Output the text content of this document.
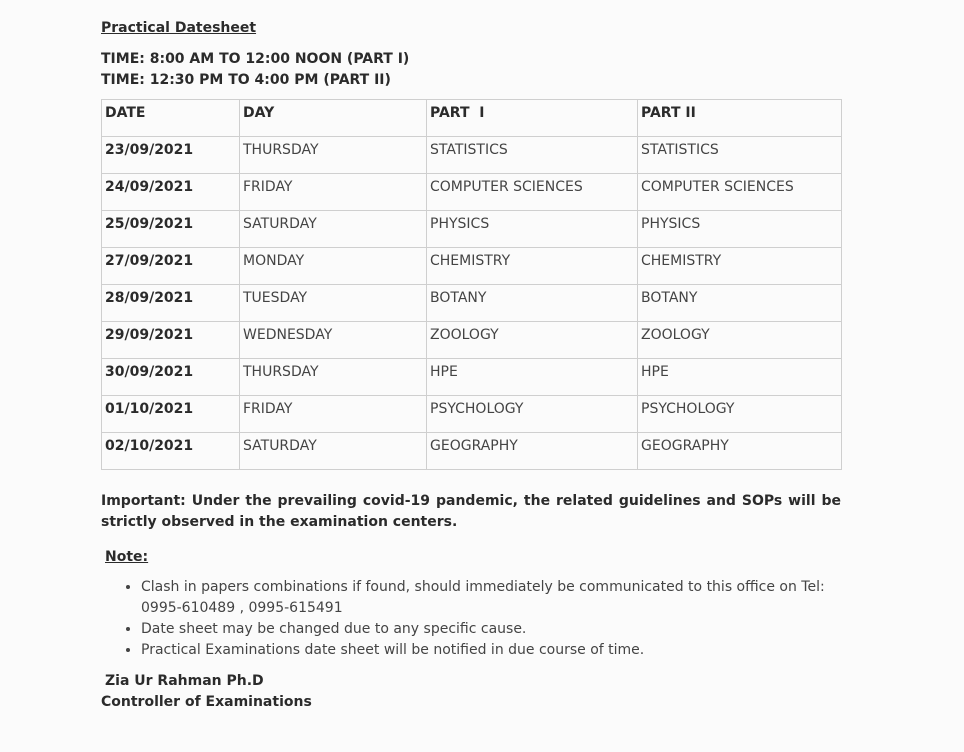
Practical Datesheet
TIME: 8:00 AM TO 12:00 NOON (PART I)
TIME: 12:30 PM TO 4:00 PM (PART II)
DATE	DAY	PART  I	PART II
23/09/2021	THURSDAY	STATISTICS	STATISTICS
24/09/2021	FRIDAY	COMPUTER SCIENCES	COMPUTER SCIENCES
25/09/2021	SATURDAY	PHYSICS	PHYSICS
27/09/2021	MONDAY	CHEMISTRY	CHEMISTRY
28/09/2021	TUESDAY	BOTANY	BOTANY
29/09/2021	WEDNESDAY	ZOOLOGY	ZOOLOGY
30/09/2021	THURSDAY	HPE	HPE
01/10/2021	FRIDAY	PSYCHOLOGY	PSYCHOLOGY
02/10/2021	SATURDAY	GEOGRAPHY	GEOGRAPHY
Important: Under the prevailing covid-19 pandemic, the related guidelines and SOPs will be strictly observed in the examination centers.
Note:
• Clash in papers combinations if found, should immediately be communicated to this office on Tel: 0995-610489 , 0995-615491
• Date sheet may be changed due to any specific cause.
• Practical Examinations date sheet will be notified in due course of time.
Zia Ur Rahman Ph.D
Controller of Examinations
